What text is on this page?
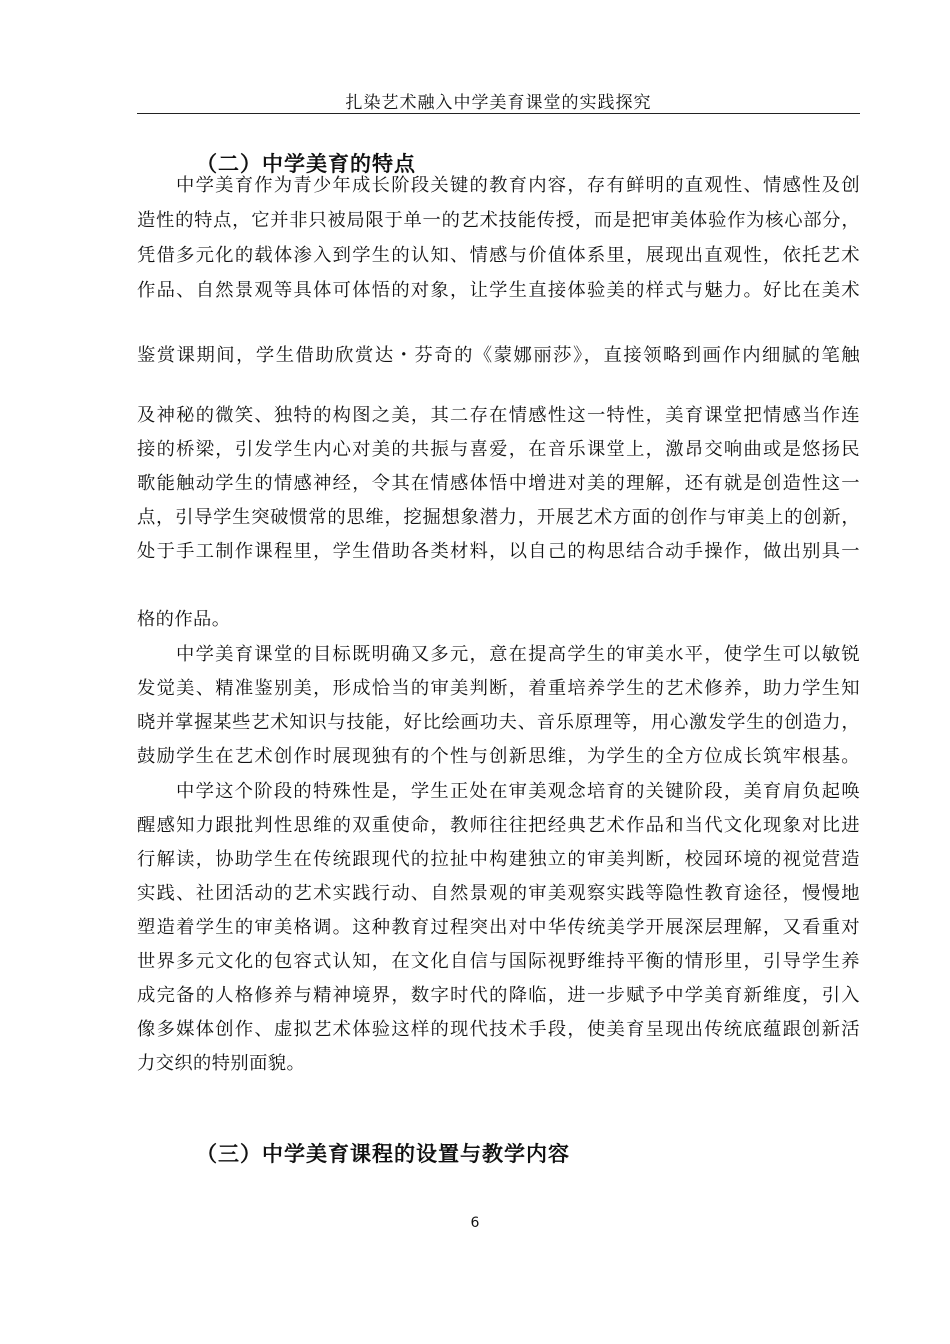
扎染艺术融入中学美育课堂的实践探究
（二）中学美育的特点
中学美育作为青少年成长阶段关键的教育内容，存有鲜明的直观性、情感性及创
造性的特点，它并非只被局限于单一的艺术技能传授，而是把审美体验作为核心部分，
凭借多元化的载体渗入到学生的认知、情感与价值体系里，展现出直观性，依托艺术
作品、自然景观等具体可体悟的对象，让学生直接体验美的样式与魅力。好比在美术
鉴赏课期间，学生借助欣赏达・芬奇的《蒙娜丽莎》，直接领略到画作内细腻的笔触
及神秘的微笑、独特的构图之美，其二存在情感性这一特性，美育课堂把情感当作连
接的桥梁，引发学生内心对美的共振与喜爱，在音乐课堂上，激昂交响曲或是悠扬民
歌能触动学生的情感神经，令其在情感体悟中增进对美的理解，还有就是创造性这一
点，引导学生突破惯常的思维，挖掘想象潜力，开展艺术方面的创作与审美上的创新，
处于手工制作课程里，学生借助各类材料，以自己的构思结合动手操作，做出别具一
格的作品。
中学美育课堂的目标既明确又多元，意在提高学生的审美水平，使学生可以敏锐
发觉美、精准鉴别美，形成恰当的审美判断，着重培养学生的艺术修养，助力学生知
晓并掌握某些艺术知识与技能，好比绘画功夫、音乐原理等，用心激发学生的创造力，
鼓励学生在艺术创作时展现独有的个性与创新思维，为学生的全方位成长筑牢根基。
中学这个阶段的特殊性是，学生正处在审美观念培育的关键阶段，美育肩负起唤
醒感知力跟批判性思维的双重使命，教师往往把经典艺术作品和当代文化现象对比进
行解读，协助学生在传统跟现代的拉扯中构建独立的审美判断，校园环境的视觉营造
实践、社团活动的艺术实践行动、自然景观的审美观察实践等隐性教育途径，慢慢地
塑造着学生的审美格调。这种教育过程突出对中华传统美学开展深层理解，又看重对
世界多元文化的包容式认知，在文化自信与国际视野维持平衡的情形里，引导学生养
成完备的人格修养与精神境界，数字时代的降临，进一步赋予中学美育新维度，引入
像多媒体创作、虚拟艺术体验这样的现代技术手段，使美育呈现出传统底蕴跟创新活
力交织的特别面貌。
（三）中学美育课程的设置与教学内容
6
